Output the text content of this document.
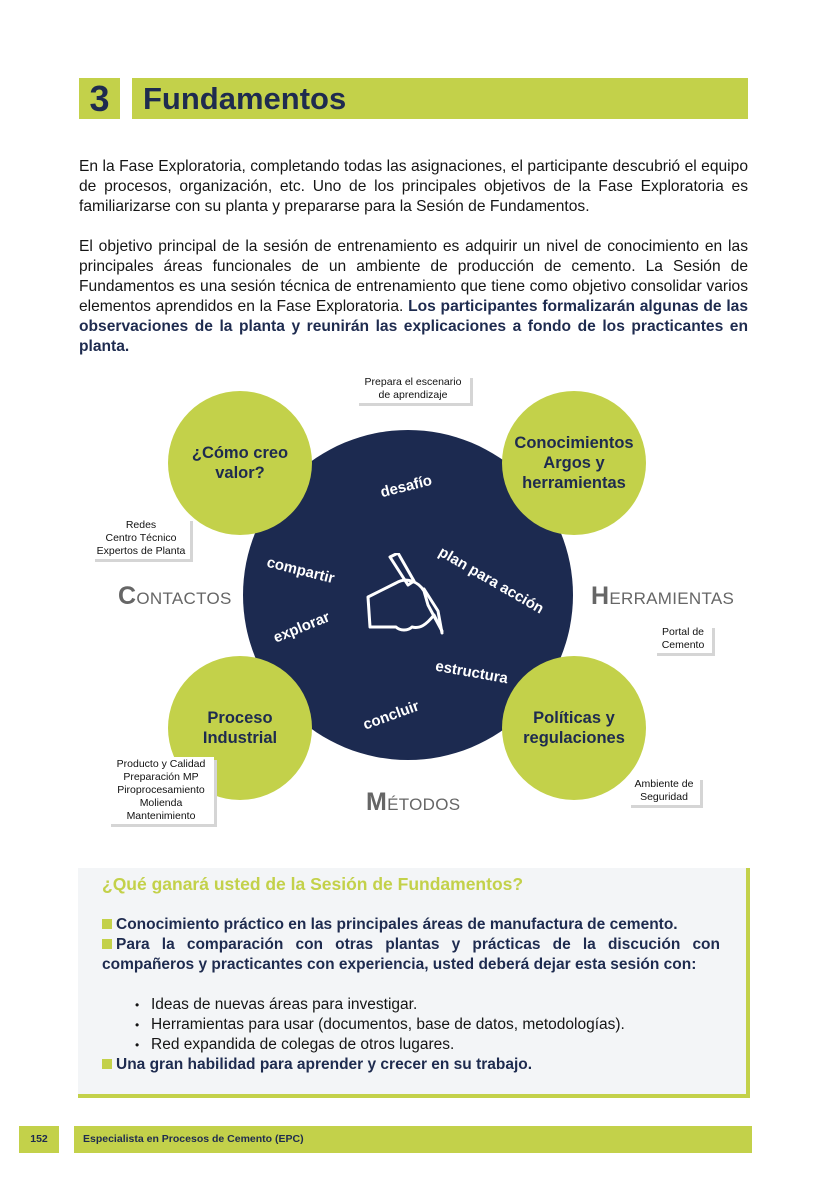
3	Fundamentos

En la Fase Exploratoria, completando todas las asignaciones, el participante descubrió el equipo de procesos, organización, etc. Uno de los principales objetivos de la Fase Exploratoria es familiarizarse con su planta y prepararse para la Sesión de Fundamentos.

El objetivo principal de la sesión de entrenamiento es adquirir un nivel de conocimiento en las principales áreas funcionales de un ambiente de producción de cemento. La Sesión de Fundamentos es una sesión técnica de entrenamiento que tiene como objetivo consolidar varios elementos aprendidos en la Fase Exploratoria. Los participantes formalizarán algunas de las observaciones de la planta y reunirán las explicaciones a fondo de los practicantes en planta.

¿Cómo creo
valor?
Conocimientos
Argos y
herramientas
Proceso
Industrial
Políticas y
regulaciones
desafío
compartir	plan para acción
explorar
estructura
concluir
Prepara el escenario
de aprendizaje
Redes
Centro Técnico
Expertos de Planta
Portal de
Cemento
Producto y Calidad
Preparación MP
Piroprocesamiento
Molienda
Mantenimiento
Ambiente de
Seguridad
CONTACTOS	HERRAMIENTAS
MÉTODOS
¿Qué ganará usted de la Sesión de Fundamentos?
Conocimiento práctico en las principales áreas de manufactura de cemento.
Para la comparación con otras plantas y prácticas de la discución con compañeros y practicantes con experiencia, usted deberá dejar esta sesión con:
• Ideas de nuevas áreas para investigar.
• Herramientas para usar (documentos, base de datos, metodologías).
• Red expandida de colegas de otros lugares.
Una gran habilidad para aprender y crecer en su trabajo.
152	Especialista en Procesos de Cemento (EPC)
